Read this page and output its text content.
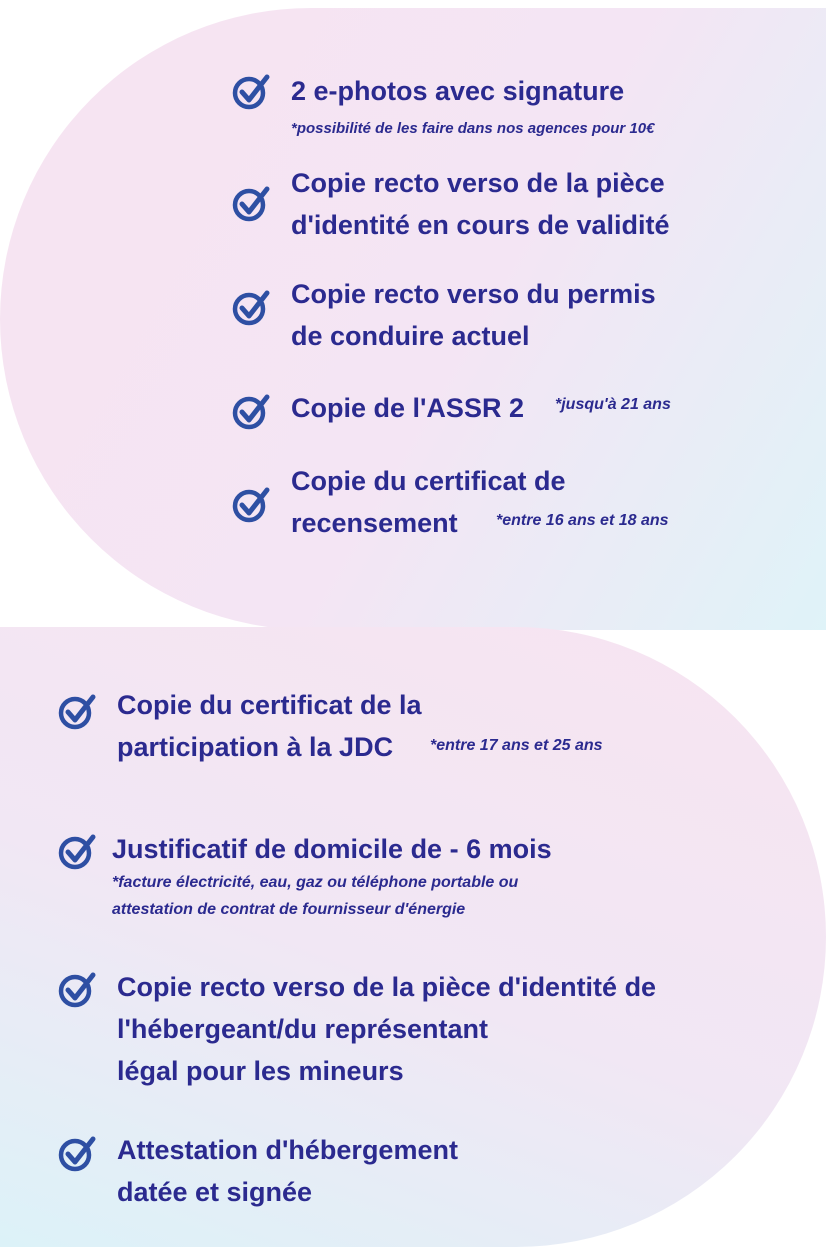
2 e-photos avec signature
*possibilité de les faire dans nos agences pour 10€
Copie recto verso de la pièce
d'identité en cours de validité
Copie recto verso du permis
de conduire actuel
Copie de l'ASSR 2 *jusqu'à 21 ans
Copie du certificat de
recensement *entre 16 ans et 18 ans
Copie du certificat de la
participation à la JDC *entre 17 ans et 25 ans
Justificatif de domicile de - 6 mois
*facture électricité, eau, gaz ou téléphone portable ou
attestation de contrat de fournisseur d'énergie
Copie recto verso de la pièce d'identité de
l'hébergeant/du représentant
légal pour les mineurs
Attestation d'hébergement
datée et signée
